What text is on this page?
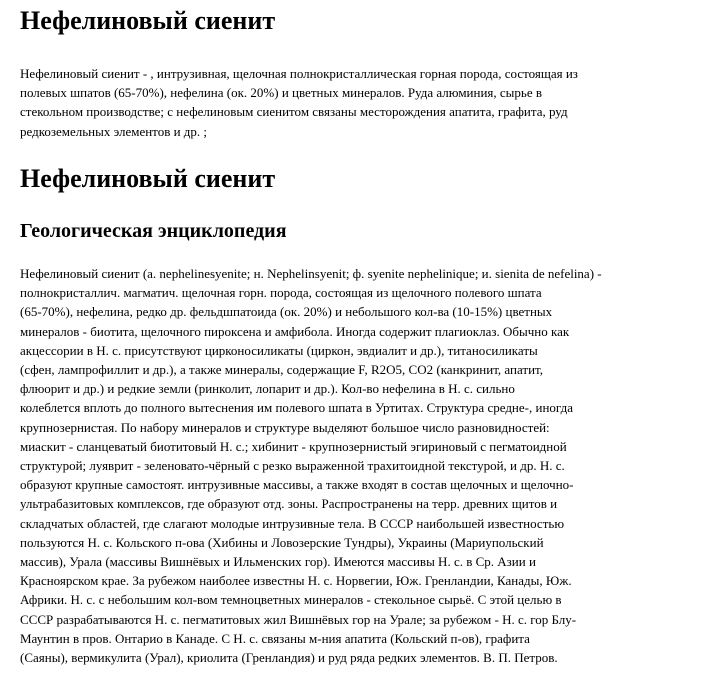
Нефелиновый сиенит

Нефелиновый сиенит - , интрузивная, щелочная полнокристаллическая горная порода, состоящая из
полевых шпатов (65-70%), нефелина (ок. 20%) и цветных минералов. Руда алюминия, сырье в
стекольном производстве; с нефелиновым сиенитом связаны месторождения апатита, графита, руд
редкоземельных элементов и др. ;

Нефелиновый сиенит
Геологическая энциклопедия

Нефелиновый сиенит (a. nephelinesyenite; н. Nephelinsyenit; ф. syenite nephelinique; и. sienita de nefelina) -
полнокристаллич. магматич. щелочная горн. порода, состоящая из щелочного полевого шпата
(65-70%), нефелина, редко др. фельдшпатоида (ок. 20%) и небольшого кол-ва (10-15%) цветных
минералов - биотита, щелочного пироксена и амфибола. Иногда содержит плагиоклаз. Обычно как
акцессории в Н. с. присутствуют цирконосиликаты (циркон, эвдиалит и др.), титаносиликаты
(сфен, лампрофиллит и др.), а также минералы, содержащие F, R2O5, CO2 (канкринит, апатит,
флюорит и др.) и редкие земли (ринколит, лопарит и др.). Кол-во нефелина в Н. с. сильно
колеблется вплоть до полного вытеснения им полевого шпата в Уртитах. Структура средне-, иногда
крупнозернистая. По набору минералов и структуре выделяют большое число разновидностей:
миаскит - сланцеватый биотитовый Н. с.; хибинит - крупнозернистый эгириновый с пегматоидной
структурой; луяврит - зеленовато-чёрный с резко выраженной трахитоидной текстурой, и др. Н. с.
образуют крупные самостоят. интрузивные массивы, а также входят в состав щелочных и щелочно-
ультрабазитовых комплексов, где образуют отд. зоны. Распространены на терр. древних щитов и
складчатых областей, где слагают молодые интрузивные тела. В СССР наибольшей известностью
пользуются Н. с. Кольского п-ова (Хибины и Ловозерские Тундры), Украины (Мариупольский
массив), Урала (массивы Вишнёвых и Ильменских гор). Имеются массивы Н. с. в Ср. Азии и
Красноярском крае. За рубежом наиболее известны Н. с. Норвегии, Юж. Гренландии, Канады, Юж.
Африки. Н. с. с небольшим кол-вом темноцветных минералов - стекольное сырьё. С этой целью в
СССР разрабатываются Н. с. пегматитовых жил Вишнёвых гор на Урале; за рубежом - Н. с. гор Блу-
Маунтин в пров. Онтарио в Канаде. С Н. с. связаны м-ния апатита (Кольский п-ов), графита
(Саяны), вермикулита (Урал), криолита (Гренландия) и руд ряда редких элементов. В. П. Петров.
